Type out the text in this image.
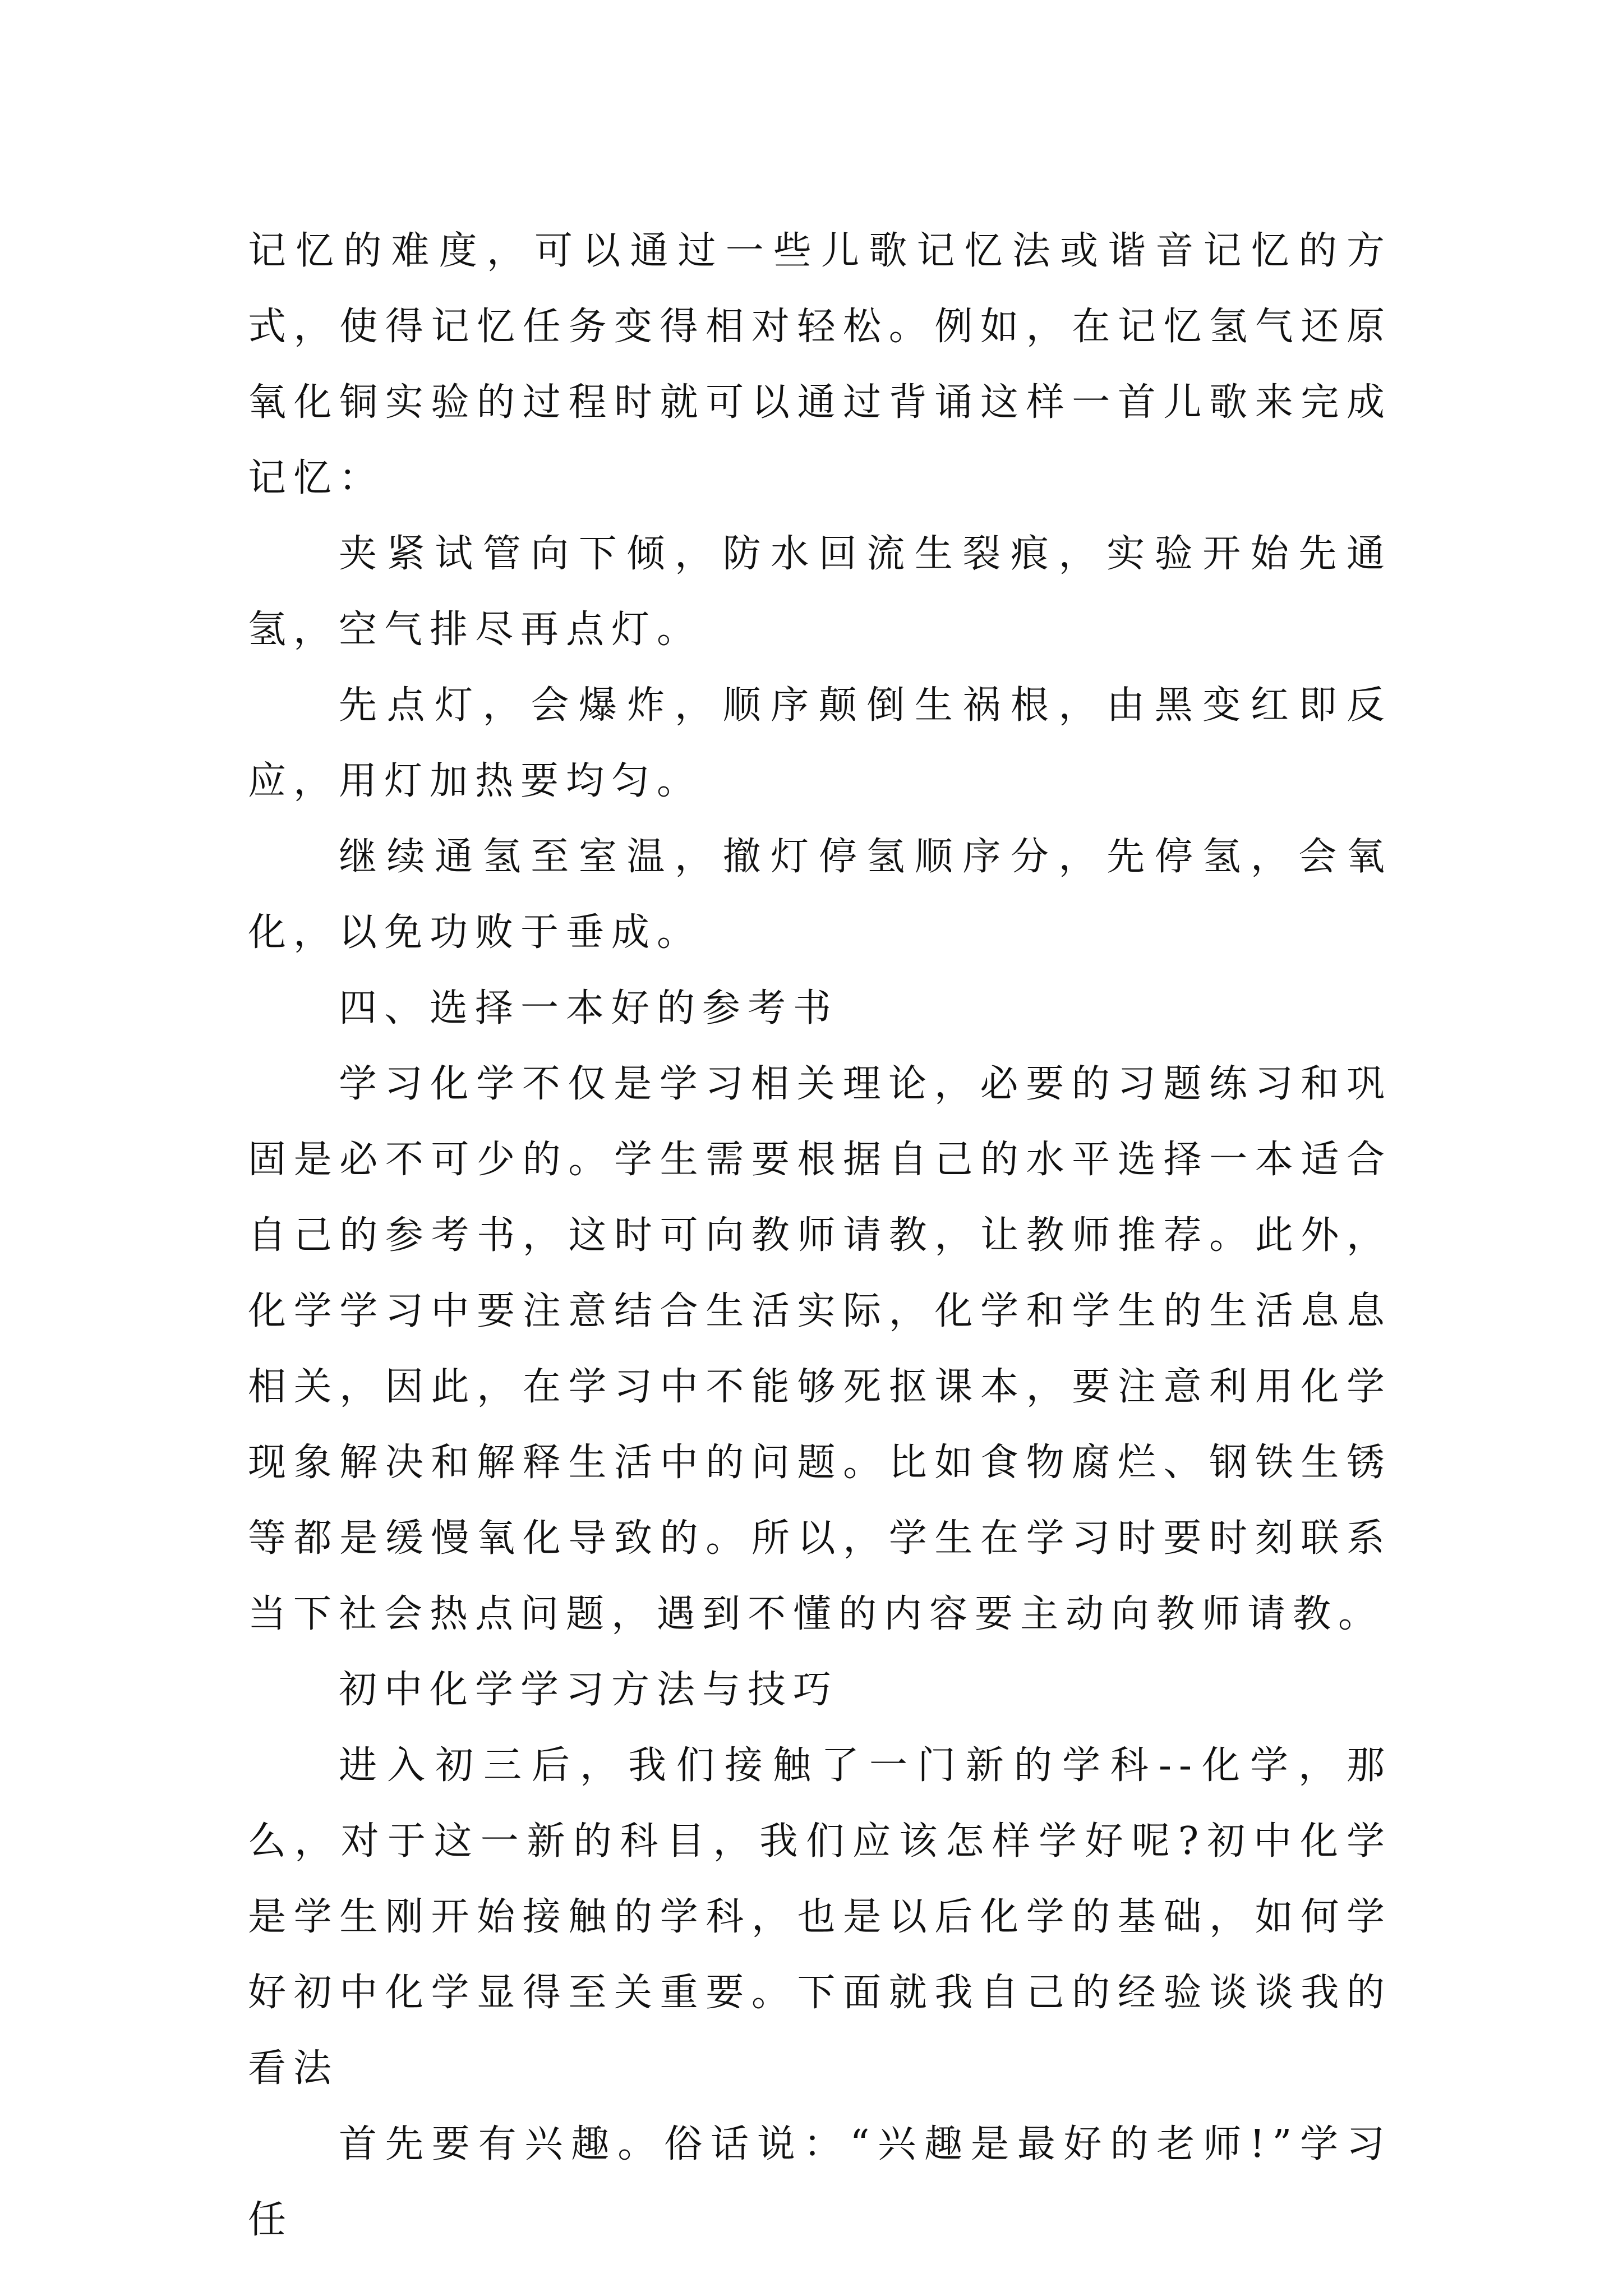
记忆的难度，可以通过一些儿歌记忆法或谐音记忆的方式，使得记忆任务变得相对轻松。例如，在记忆氢气还原氧化铜实验的过程时就可以通过背诵这样一首儿歌来完成记忆：

夹紧试管向下倾，防水回流生裂痕，实验开始先通氢，空气排尽再点灯。

先点灯，会爆炸，顺序颠倒生祸根，由黑变红即反应，用灯加热要均匀。

继续通氢至室温，撤灯停氢顺序分，先停氢，会氧化，以免功败于垂成。

四、选择一本好的参考书

学习化学不仅是学习相关理论，必要的习题练习和巩固是必不可少的。学生需要根据自己的水平选择一本适合自己的参考书，这时可向教师请教，让教师推荐。此外，化学学习中要注意结合生活实际，化学和学生的生活息息相关，因此，在学习中不能够死抠课本，要注意利用化学现象解决和解释生活中的问题。比如食物腐烂、钢铁生锈等都是缓慢氧化导致的。所以，学生在学习时要时刻联系当下社会热点问题，遇到不懂的内容要主动向教师请教。

初中化学学习方法与技巧

进入初三后，我们接触了一门新的学科--化学，那么，对于这一新的科目，我们应该怎样学好呢?初中化学是学生刚开始接触的学科，也是以后化学的基础，如何学好初中化学显得至关重要。下面就我自己的经验谈谈我的看法

首先要有兴趣。俗话说：“兴趣是最好的老师!”学习任
